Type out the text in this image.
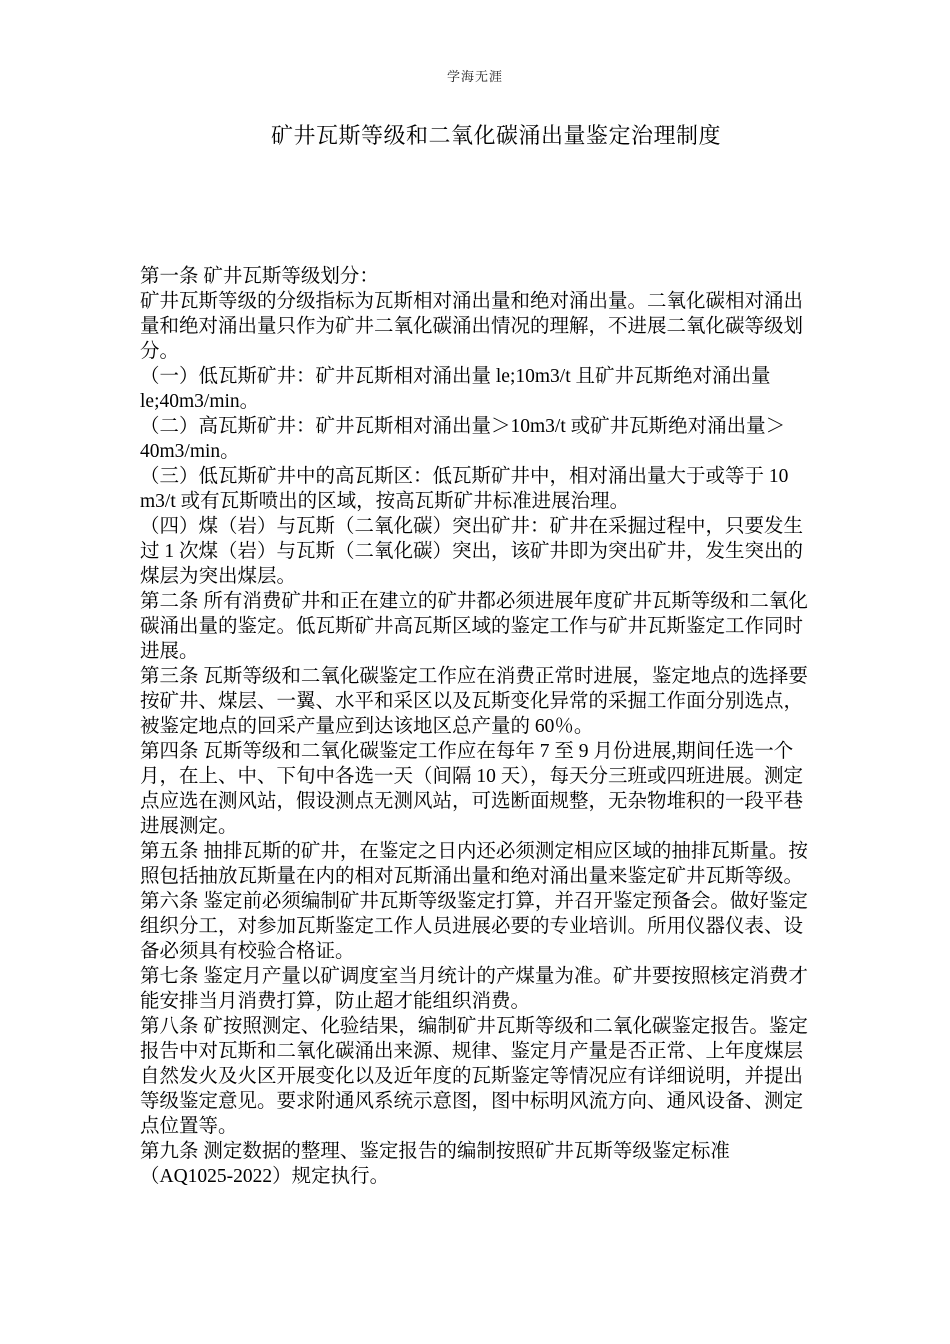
学海无涯
矿井瓦斯等级和二氧化碳涌出量鉴定治理制度

第一条 矿井瓦斯等级划分：

矿井瓦斯等级的分级指标为瓦斯相对涌出量和绝对涌出量。二氧化碳相对涌出量和绝对涌出量只作为矿井二氧化碳涌出情况的理解，不进展二氧化碳等级划分。

（一）低瓦斯矿井：矿井瓦斯相对涌出量 le;10m3/t 且矿井瓦斯绝对涌出量 le;40m3/min。

（二）高瓦斯矿井：矿井瓦斯相对涌出量＞10m3/t 或矿井瓦斯绝对涌出量＞40m3/min。

（三）低瓦斯矿井中的高瓦斯区：低瓦斯矿井中，相对涌出量大于或等于 10 m3/t 或有瓦斯喷出的区域，按高瓦斯矿井标准进展治理。

（四）煤（岩）与瓦斯（二氧化碳）突出矿井：矿井在采掘过程中，只要发生过 1 次煤（岩）与瓦斯（二氧化碳）突出，该矿井即为突出矿井，发生突出的煤层为突出煤层。

第二条 所有消费矿井和正在建立的矿井都必须进展年度矿井瓦斯等级和二氧化碳涌出量的鉴定。低瓦斯矿井高瓦斯区域的鉴定工作与矿井瓦斯鉴定工作同时进展。

第三条 瓦斯等级和二氧化碳鉴定工作应在消费正常时进展，鉴定地点的选择要按矿井、煤层、一翼、水平和采区以及瓦斯变化异常的采掘工作面分别选点，被鉴定地点的回采产量应到达该地区总产量的 60％。

第四条 瓦斯等级和二氧化碳鉴定工作应在每年 7 至 9 月份进展,期间任选一个月，在上、中、下旬中各选一天（间隔 10 天），每天分三班或四班进展。测定点应选在测风站，假设测点无测风站，可选断面规整，无杂物堆积的一段平巷进展测定。

第五条 抽排瓦斯的矿井，在鉴定之日内还必须测定相应区域的抽排瓦斯量。按照包括抽放瓦斯量在内的相对瓦斯涌出量和绝对涌出量来鉴定矿井瓦斯等级。

第六条 鉴定前必须编制矿井瓦斯等级鉴定打算，并召开鉴定预备会。做好鉴定组织分工，对参加瓦斯鉴定工作人员进展必要的专业培训。所用仪器仪表、设备必须具有校验合格证。

第七条 鉴定月产量以矿调度室当月统计的产煤量为准。矿井要按照核定消费才能安排当月消费打算，防止超才能组织消费。

第八条 矿按照测定、化验结果，编制矿井瓦斯等级和二氧化碳鉴定报告。鉴定报告中对瓦斯和二氧化碳涌出来源、规律、鉴定月产量是否正常、上年度煤层自然发火及火区开展变化以及近年度的瓦斯鉴定等情况应有详细说明，并提出等级鉴定意见。要求附通风系统示意图，图中标明风流方向、通风设备、测定点位置等。

第九条 测定数据的整理、鉴定报告的编制按照矿井瓦斯等级鉴定标准（AQ1025-2022）规定执行。
